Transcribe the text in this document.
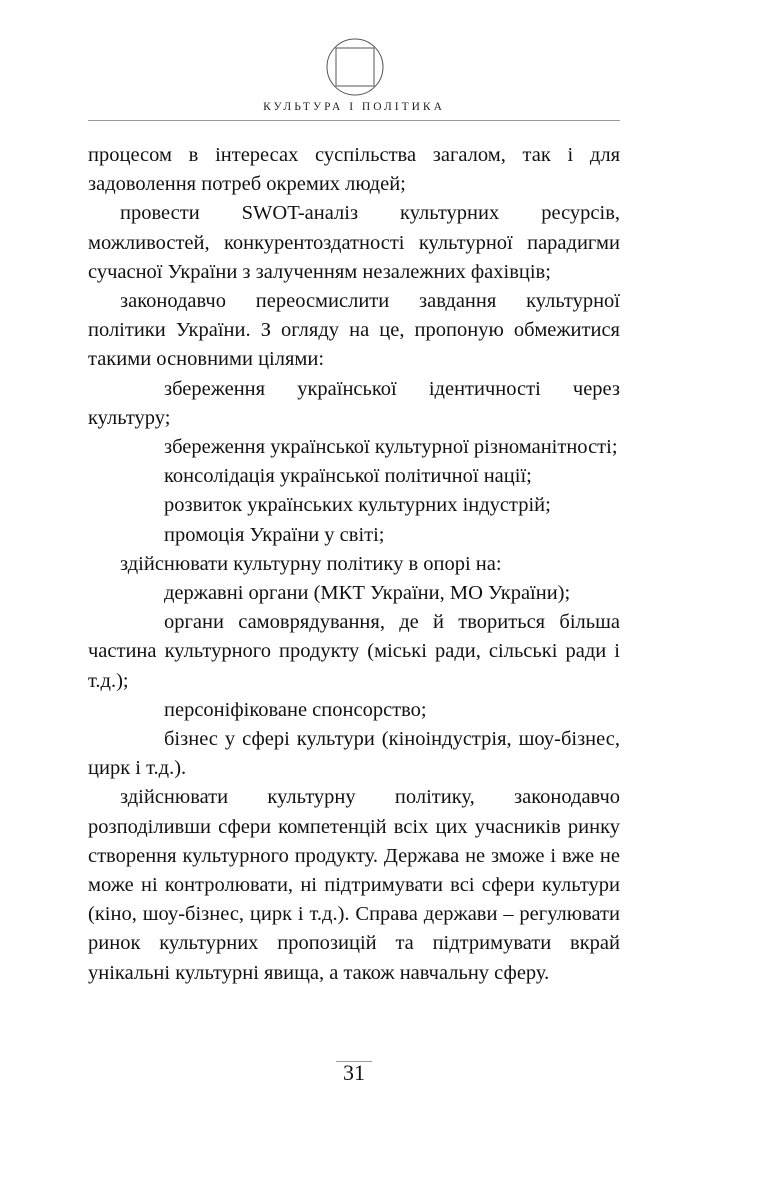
КУЛЬТУРА І ПОЛІТИКА

процесом в інтересах суспільства загалом, так і для задоволення потреб окремих людей;

провести SWOT-аналіз культурних ресурсів, можливостей, конкурентоздатності культурної парадигми сучасної України з залученням незалежних фахівців;

законодавчо переосмислити завдання культурної політики України. З огляду на це, пропоную обмежитися такими основними цілями:

збереження української ідентичності через культуру;

збереження української культурної різноманітності;

консолідація української політичної нації;

розвиток українських культурних індустрій;

промоція України у світі;

здійснювати культурну політику в опорі на:

державні органи (МКТ України, МО України);

органи самоврядування, де й твориться більша частина культурного продукту (міські ради, сільські ради і т.д.);

персоніфіковане спонсорство;

бізнес у сфері культури (кіноіндустрія, шоу-бізнес, цирк і т.д.).

здійснювати культурну політику, законодавчо розподіливши сфери компетенцій всіх цих учасників ринку створення культурного продукту. Держава не зможе і вже не може ні контролювати, ні підтримувати всі сфери культури (кіно, шоу-бізнес, цирк і т.д.). Справа держави – регулювати ринок культурних пропозицій та підтримувати вкрай унікальні культурні явища, а також навчальну сферу.

31
